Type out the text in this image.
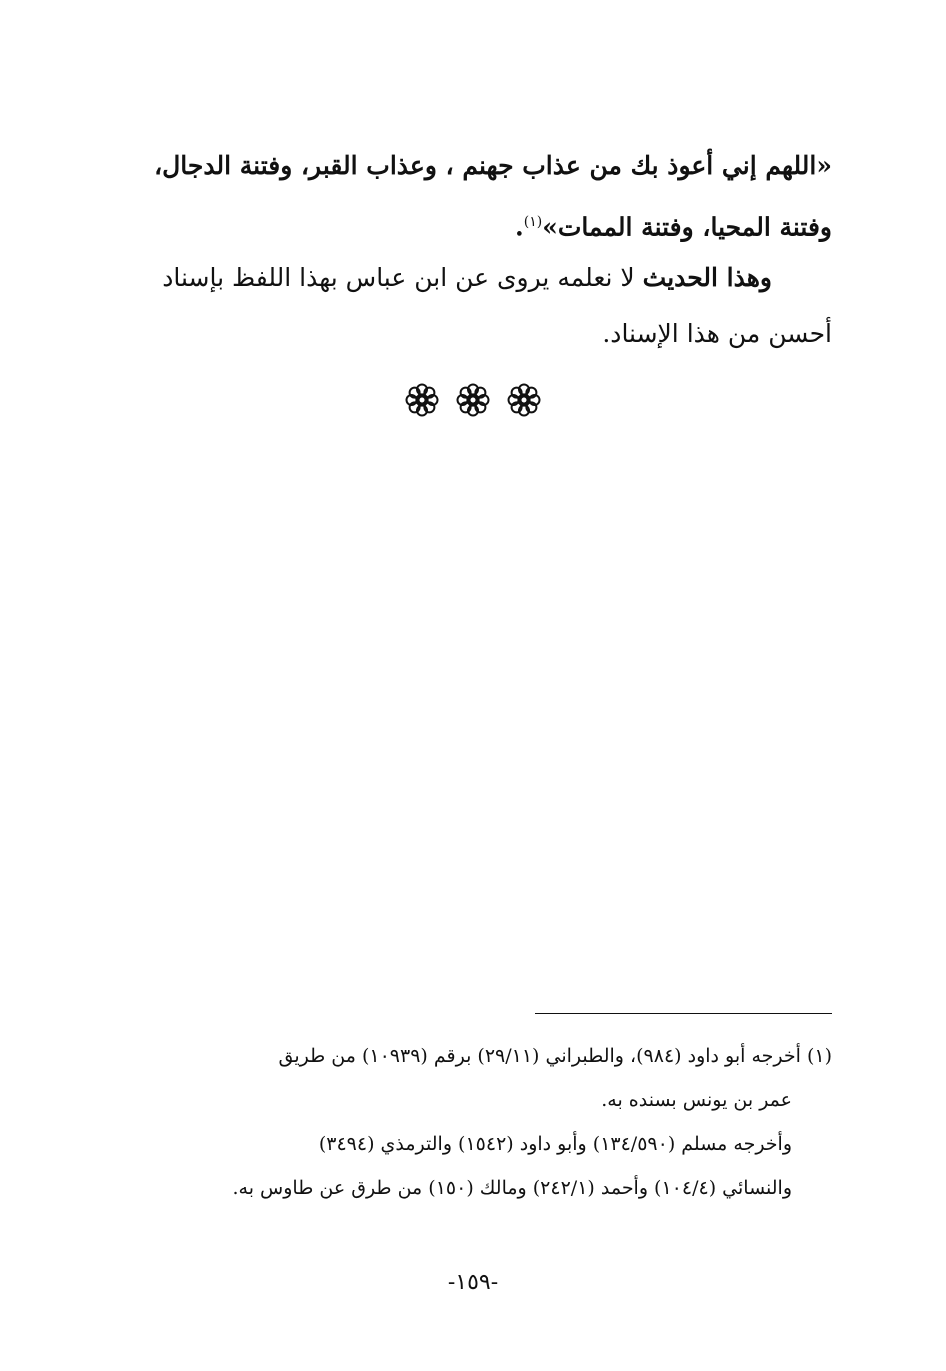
«اللهم إني أعوذ بك من عذاب جهنم ، وعذاب القبر، وفتنة الدجال،
وفتنة المحيا، وفتنة الممات»$^{(١)}$.
وهذا الحديث لا نعلمه يروى عن ابن عباس بهذا اللفظ بإسناد
أحسن من هذا الإسناد.

(١) أخرجه أبو داود (٩٨٤)، والطبراني (٢٩/١١) برقم (١٠٩٣٩) من طريق
عمر بن يونس بسنده به.
وأخرجه مسلم (١٣٤/٥٩٠) وأبو داود (١٥٤٢) والترمذي (٣٤٩٤)
والنسائي (١٠٤/٤) وأحمد (٢٤٢/١) ومالك (١٥٠) من طرق عن طاوس به.
-١٥٩-
